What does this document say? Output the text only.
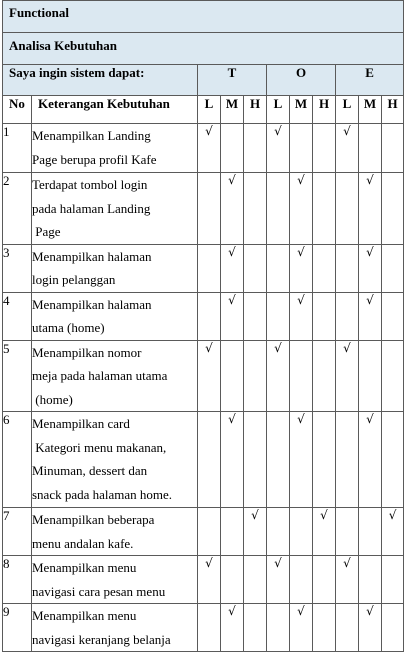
Functional										

Analisa Kebutuhan										

Saya ingin sistem dapat:		T			O			E		
No	Keterangan Kebutuhan	L	M	H	L	M	H	L	M	H
1	Menampilkan Landing
Page berupa profil Kafe	√			√			√		
2	Terdapat tombol login
pada halaman Landing
Page		√			√			√	
3	Menampilkan halaman
login pelanggan		√			√			√	
4	Menampilkan halaman
utama (home)		√			√			√	
5	Menampilkan nomor
meja pada halaman utama
(home)	√			√			√		
6	Menampilkan card
Kategori menu makanan,
Minuman, dessert dan
snack pada halaman home.		√			√			√	
7	Menampilkan beberapa
menu andalan kafe.			√			√			√
8	Menampilkan menu
navigasi cara pesan menu	√			√			√		
9	Menampilkan menu
navigasi keranjang belanja		√			√			√	
